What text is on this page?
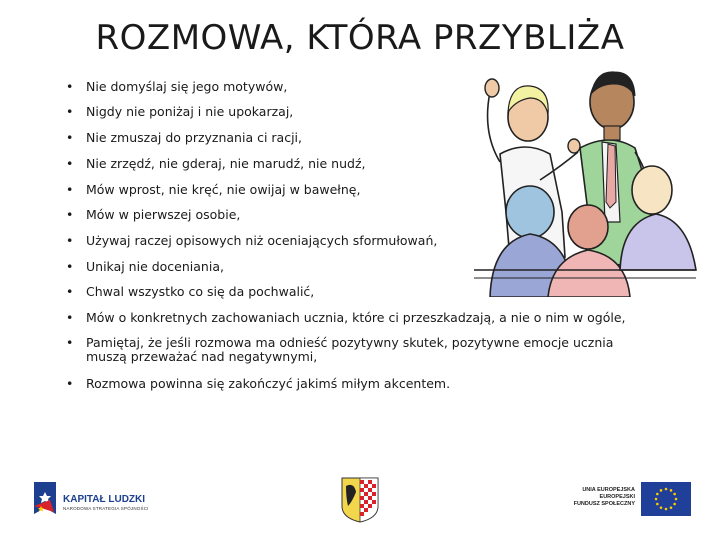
ROZMOWA, KTÓRA PRZYBLIŻA
•	Nie domyślaj się jego motywów,
•	Nigdy nie poniżaj i nie upokarzaj,
•	Nie zmuszaj do przyznania ci racji,
•	Nie zrzędź, nie gderaj, nie marudź, nie nudź,
•	Mów wprost, nie kręć, nie owijaj w bawełnę,
•	Mów w pierwszej osobie,
•	Używaj raczej opisowych niż oceniających sformułowań,
•	Unikaj nie doceniania,
•	Chwal wszystko co się da pochwalić,
•	Mów o konkretnych zachowaniach ucznia, które ci przeszkadzają, a nie o nim w ogóle,
•	Pamiętaj, że jeśli rozmowa ma odnieść pozytywny skutek, pozytywne emocje ucznia muszą przeważać nad negatywnymi,
•	Rozmowa powinna się zakończyć jakimś miłym akcentem.
KAPITAŁ LUDZKI
NARODOWA STRATEGIA SPÓJNOŚCI
UNIA EUROPEJSKA
EUROPEJSKI
FUNDUSZ SPOŁECZNY
